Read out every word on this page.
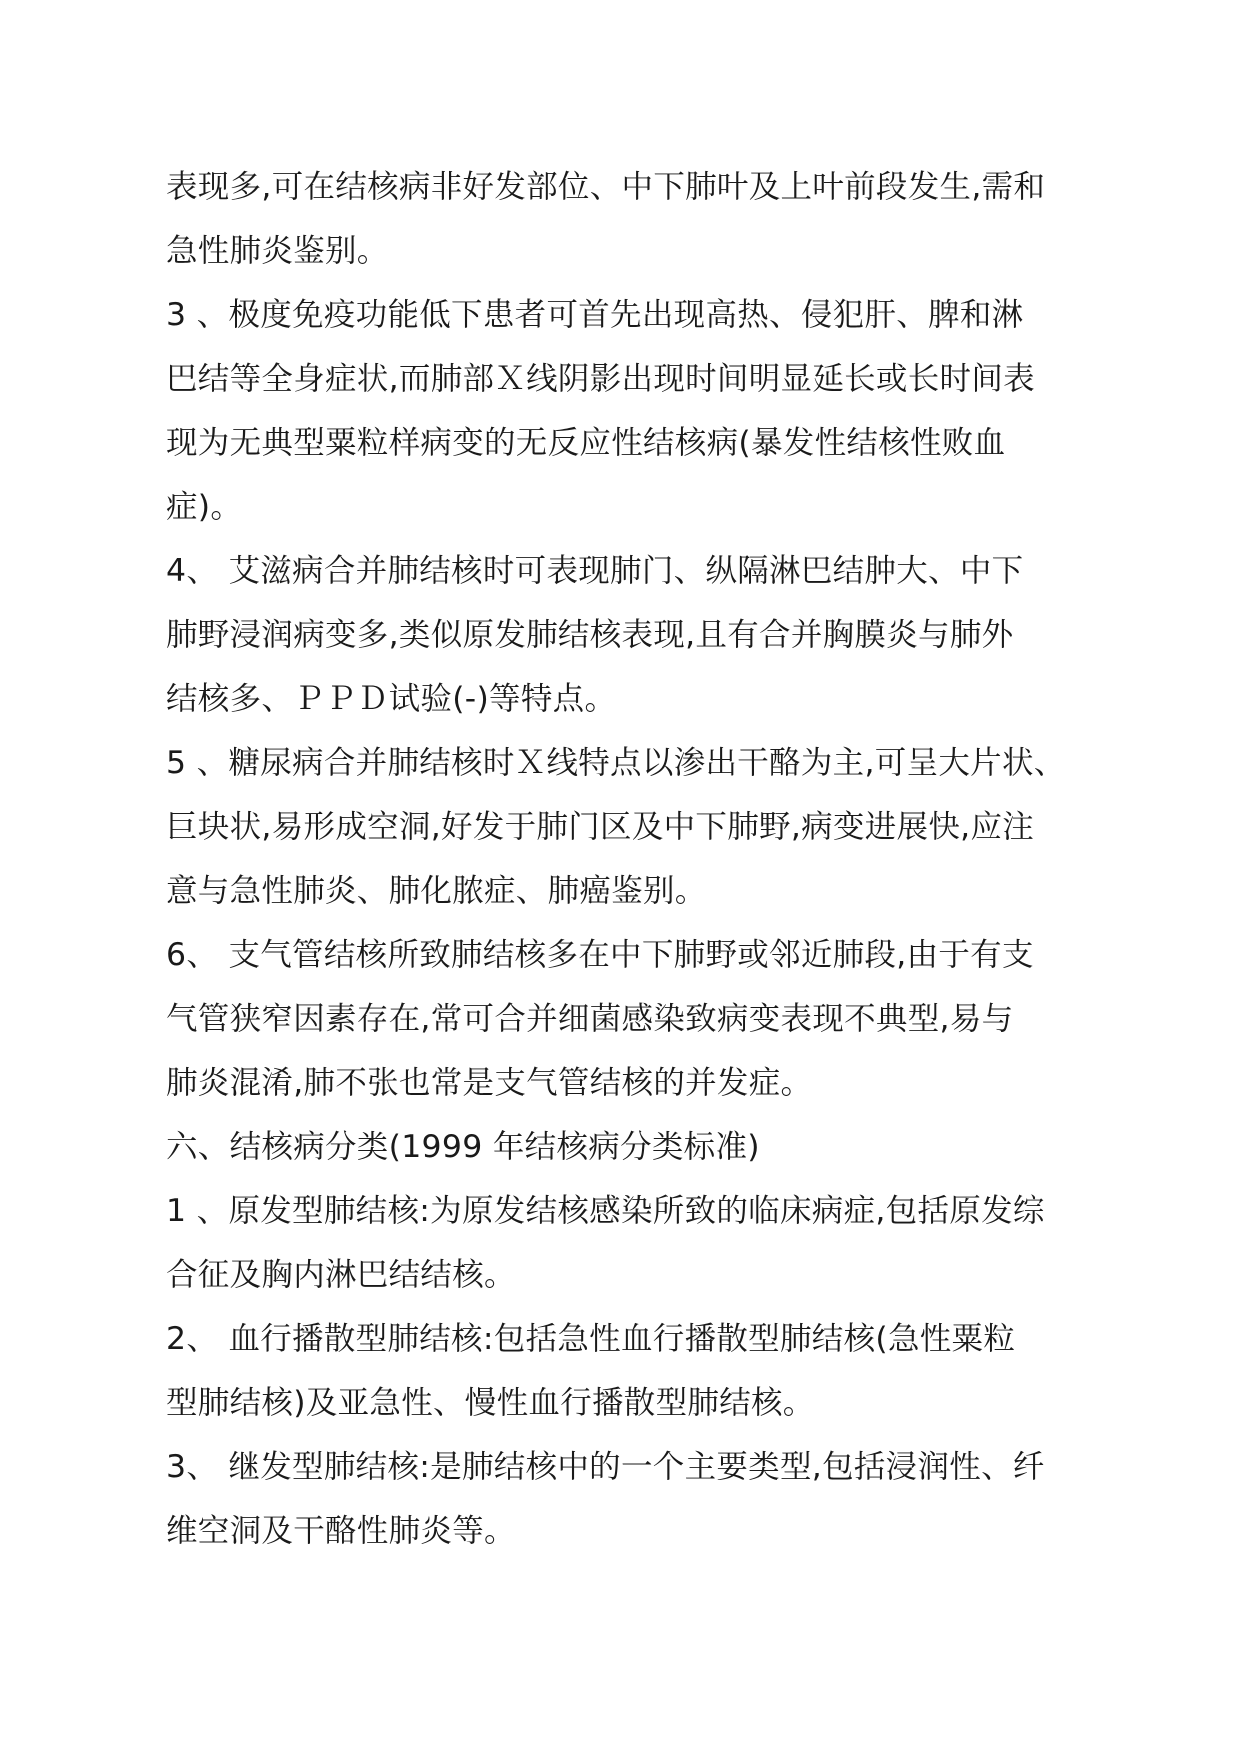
表现多,可在结核病非好发部位、中下肺叶及上叶前段发生,需和
急性肺炎鉴别。
3 、极度免疫功能低下患者可首先出现高热、侵犯肝、脾和淋
巴结等全身症状,而肺部Ｘ线阴影出现时间明显延长或长时间表
现为无典型粟粒样病变的无反应性结核病(暴发性结核性败血
症)。
4、 艾滋病合并肺结核时可表现肺门、纵隔淋巴结肿大、中下
肺野浸润病变多,类似原发肺结核表现,且有合并胸膜炎与肺外
结核多、ＰＰＤ试验(-)等特点。
5 、糖尿病合并肺结核时Ｘ线特点以渗出干酪为主,可呈大片状、
巨块状,易形成空洞,好发于肺门区及中下肺野,病变进展快,应注
意与急性肺炎、肺化脓症、肺癌鉴别。
6、 支气管结核所致肺结核多在中下肺野或邻近肺段,由于有支
气管狭窄因素存在,常可合并细菌感染致病变表现不典型,易与
肺炎混淆,肺不张也常是支气管结核的并发症。
六、结核病分类(1999 年结核病分类标准)
1 、原发型肺结核:为原发结核感染所致的临床病症,包括原发综
合征及胸内淋巴结结核。
2、 血行播散型肺结核:包括急性血行播散型肺结核(急性粟粒
型肺结核)及亚急性、慢性血行播散型肺结核。
3、 继发型肺结核:是肺结核中的一个主要类型,包括浸润性、纤
维空洞及干酪性肺炎等。
